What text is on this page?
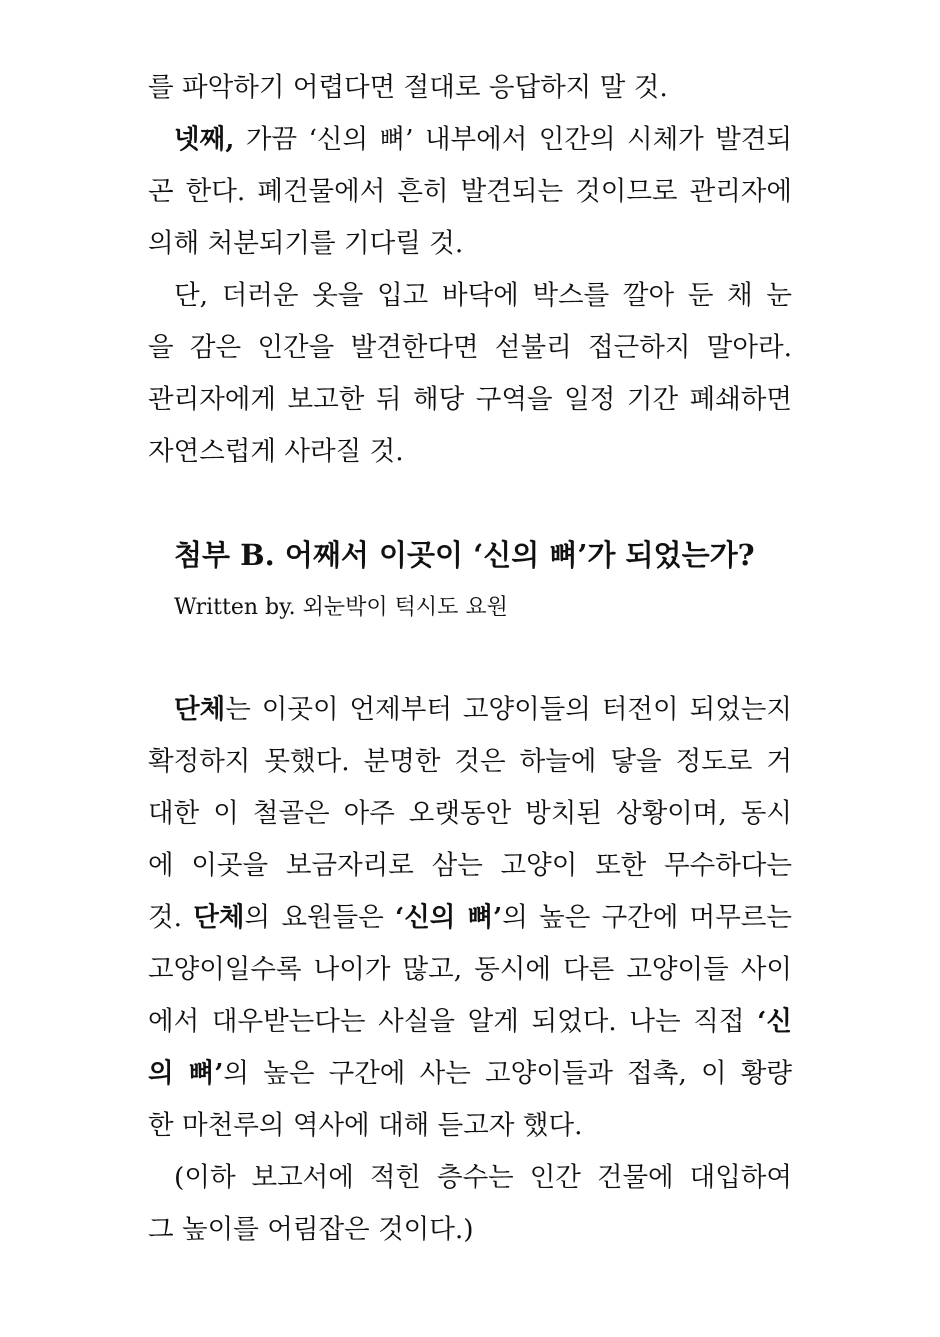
를 파악하기 어렵다면 절대로 응답하지 말 것.
넷째, 가끔 ‘신의 뼈’ 내부에서 인간의 시체가 발견되
곤 한다. 폐건물에서 흔히 발견되는 것이므로 관리자에
의해 처분되기를 기다릴 것.
단, 더러운 옷을 입고 바닥에 박스를 깔아 둔 채 눈
을 감은 인간을 발견한다면 섣불리 접근하지 말아라.
관리자에게 보고한 뒤 해당 구역을 일정 기간 폐쇄하면
자연스럽게 사라질 것.
첨부 B. 어째서 이곳이 ‘신의 뼈’가 되었는가?
Written by. 외눈박이 턱시도 요원
단체는 이곳이 언제부터 고양이들의 터전이 되었는지
확정하지 못했다. 분명한 것은 하늘에 닿을 정도로 거
대한 이 철골은 아주 오랫동안 방치된 상황이며, 동시
에 이곳을 보금자리로 삼는 고양이 또한 무수하다는
것. 단체의 요원들은 ‘신의 뼈’의 높은 구간에 머무르는
고양이일수록 나이가 많고, 동시에 다른 고양이들 사이
에서 대우받는다는 사실을 알게 되었다. 나는 직접 ‘신
의 뼈’의 높은 구간에 사는 고양이들과 접촉, 이 황량
한 마천루의 역사에 대해 듣고자 했다.
(이하 보고서에 적힌 층수는 인간 건물에 대입하여
그 높이를 어림잡은 것이다.)
